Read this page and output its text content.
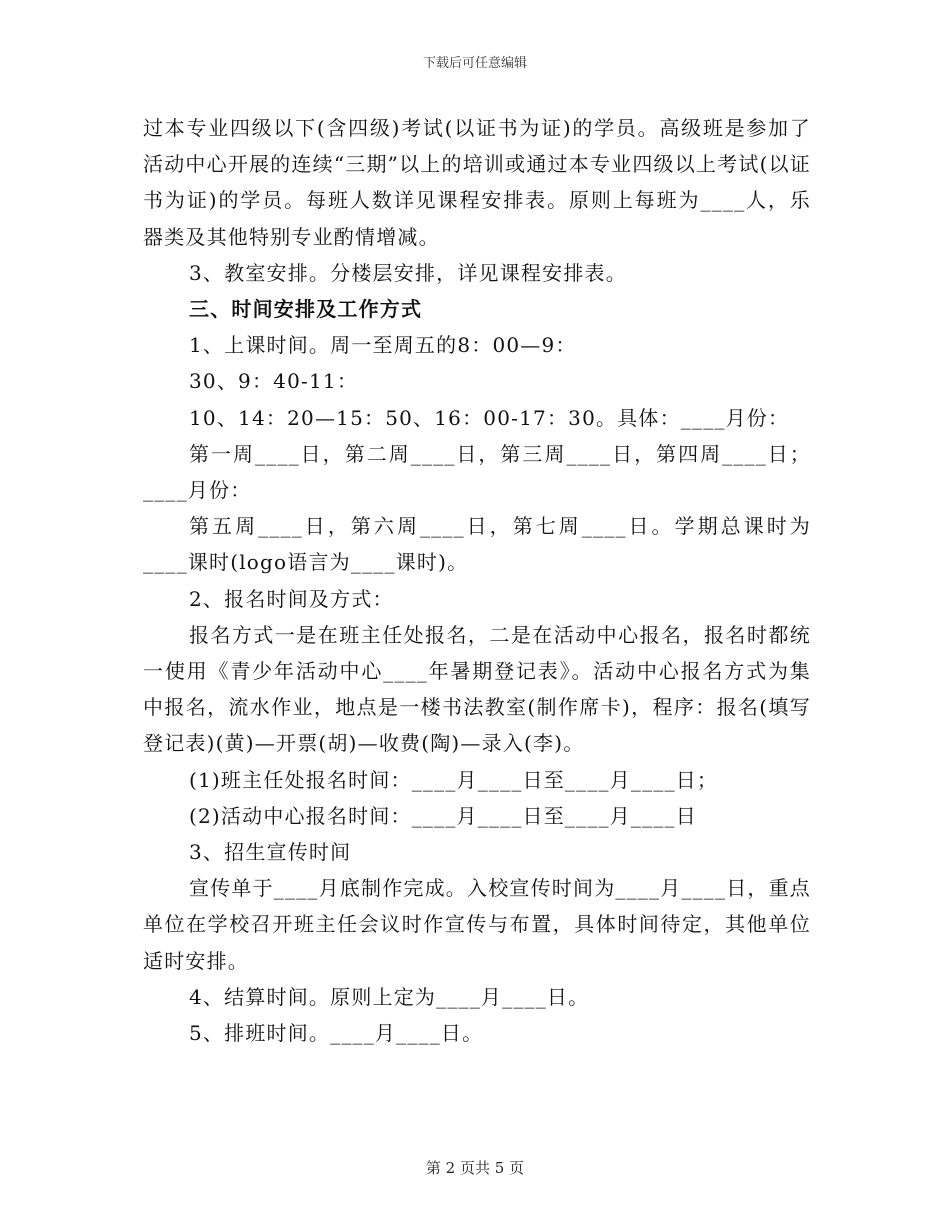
下载后可任意编辑

过本专业四级以下(含四级)考试(以证书为证)的学员。高级班是参加了活动中心开展的连续“三期”以上的培训或通过本专业四级以上考试(以证书为证)的学员。每班人数详见课程安排表。原则上每班为____人，乐器类及其他特别专业酌情增减。

3、教室安排。分楼层安排，详见课程安排表。

三、时间安排及工作方式

1、上课时间。周一至周五的8：00—9：

30、9：40-11：

10、14：20—15：50、16：00-17：30。具体：____月份：

第一周____日，第二周____日，第三周____日，第四周____日；____月份：

第五周____日，第六周____日，第七周____日。学期总课时为____课时(logo语言为____课时)。

2、报名时间及方式：

报名方式一是在班主任处报名，二是在活动中心报名，报名时都统一使用《青少年活动中心____年暑期登记表》。活动中心报名方式为集中报名，流水作业，地点是一楼书法教室(制作席卡)，程序：报名(填写登记表)(黄)—开票(胡)—收费(陶)—录入(李)。

(1)班主任处报名时间：____月____日至____月____日；

(2)活动中心报名时间：____月____日至____月____日

3、招生宣传时间

宣传单于____月底制作完成。入校宣传时间为____月____日，重点单位在学校召开班主任会议时作宣传与布置，具体时间待定，其他单位适时安排。

4、结算时间。原则上定为____月____日。

5、排班时间。____月____日。

第 2 页共 5 页
